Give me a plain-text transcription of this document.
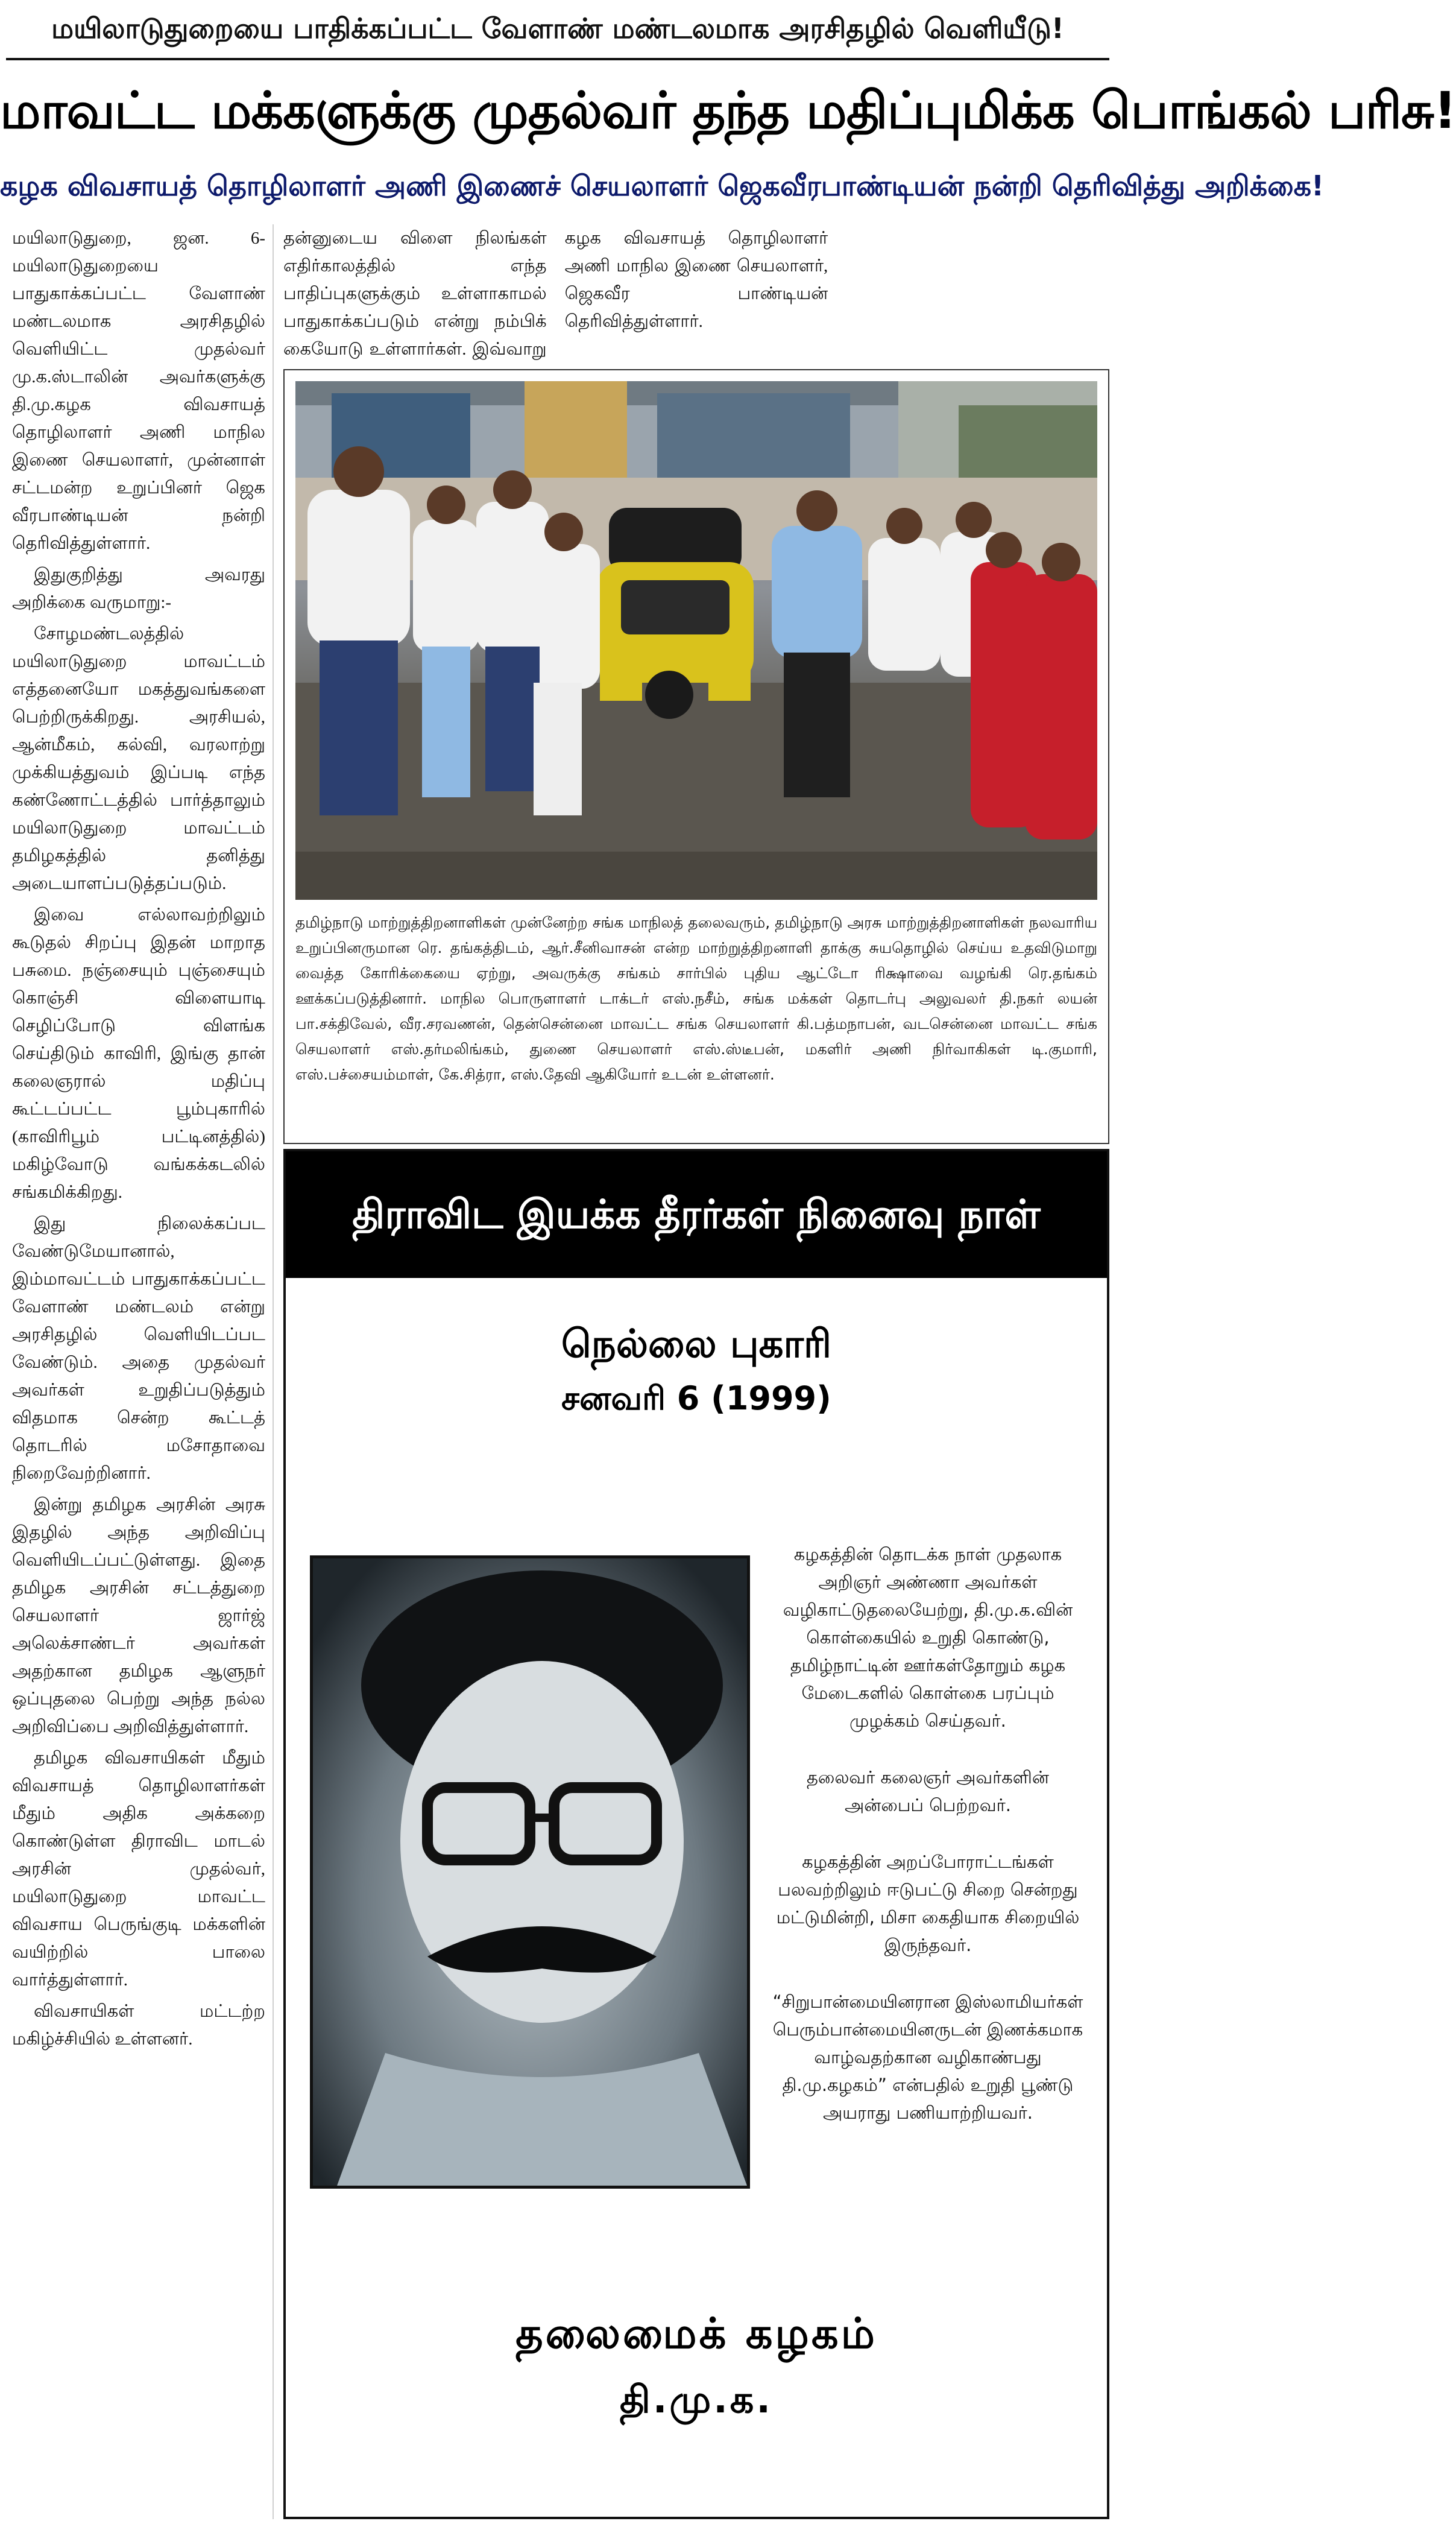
மயிலாடுதுறையை பாதிக்கப்பட்ட வேளாண் மண்டலமாக அரசிதழில் வெளியீடு!
மாவட்ட மக்களுக்கு முதல்வர் தந்த மதிப்புமிக்க பொங்கல் பரிசு!
கழக விவசாயத் தொழிலாளர் அணி இணைச் செயலாளர் ஜெகவீரபாண்டியன் நன்றி தெரிவித்து அறிக்கை!

மயிலாடுதுறை, ஜன. 6- மயிலாடுதுறையை பாதுகாக்கப்பட்ட வேளாண் மண்டலமாக அரசிதழில் வெளியிட்ட முதல்வர் மு.க.ஸ்டாலின் அவர்களுக்கு தி.மு.கழக விவசாயத் தொழிலாளர் அணி மாநில இணை செயலாளர், முன்னாள் சட்டமன்ற உறுப்பினர் ஜெக வீரபாண்டியன் நன்றி தெரிவித்துள்ளார்.

இதுகுறித்து அவரது அறிக்கை வருமாறு:-

சோழமண்டலத்தில் மயிலாடுதுறை மாவட்டம் எத்தனையோ மகத்துவங்களை பெற்றிருக்கிறது. அரசியல், ஆன்மீகம், கல்வி, வரலாற்று முக்கியத்துவம் இப்படி எந்த கண்ணோட்டத்தில் பார்த்தாலும் மயிலாடுதுறை மாவட்டம் தமிழகத்தில் தனித்து அடையாளப்படுத்தப்படும்.

இவை எல்லாவற்றிலும் கூடுதல் சிறப்பு இதன் மாறாத பசுமை. நஞ்சையும் புஞ்சையும் கொஞ்சி விளையாடி செழிப்போடு விளங்க செய்திடும் காவிரி, இங்கு தான் கலைஞரால் மதிப்பு கூட்டப்பட்ட பூம்புகாரில் (காவிரிபூம் பட்டினத்தில்) மகிழ்வோடு வங்கக்கடலில் சங்கமிக்கிறது.

இது நிலைக்கப்பட வேண்டுமேயானால், இம்மாவட்டம் பாதுகாக்கப்பட்ட வேளாண் மண்டலம் என்று அரசிதழில் வெளியிடப்பட வேண்டும். அதை முதல்வர் அவர்கள் உறுதிப்படுத்தும் விதமாக சென்ற கூட்டத் தொடரில் மசோதாவை நிறைவேற்றினார்.

இன்று தமிழக அரசின் அரசு இதழில் அந்த அறிவிப்பு வெளியிடப்பட்டுள்ளது. இதை தமிழக அரசின் சட்டத்துறை செயலாளர் ஜார்ஜ் அலெக்சாண்டர் அவர்கள் அதற்கான தமிழக ஆளுநர் ஒப்புதலை பெற்று அந்த நல்ல அறிவிப்பை அறிவித்துள்ளார்.

தமிழக விவசாயிகள் மீதும் விவசாயத் தொழிலாளர்கள் மீதும் அதிக அக்கறை கொண்டுள்ள திராவிட மாடல் அரசின் முதல்வர், மயிலாடுதுறை மாவட்ட விவசாய பெருங்குடி மக்களின் வயிற்றில் பாலை வார்த்துள்ளார்.

விவசாயிகள் மட்டற்ற மகிழ்ச்சியில் உள்ளனர்.

தன்னுடைய விளை நிலங்கள் எதிர்காலத்தில் எந்த பாதிப்புகளுக்கும் உள்ளாகாமல் பாதுகாக்கப்படும் என்று நம்பிக் கையோடு உள்ளார்கள். இவ்வாறு கழக விவசாயத் தொழிலாளர் அணி மாநில இணை செயலாளர், ஜெகவீர பாண்டியன் தெரிவித்துள்ளார்.

தமிழ்நாடு மாற்றுத்திறனாளிகள் முன்னேற்ற சங்க மாநிலத் தலைவரும், தமிழ்நாடு அரசு மாற்றுத்திறனாளிகள் நலவாரிய உறுப்பினருமான ரெ. தங்கத்திடம், ஆர்.சீனிவாசன் என்ற மாற்றுத்திறனாளி தாக்கு சுயதொழில் செய்ய உதவிடுமாறு வைத்த கோரிக்கையை ஏற்று, அவருக்கு சங்கம் சார்பில் புதிய ஆட்டோ ரிக்ஷாவை வழங்கி ரெ.தங்கம் ஊக்கப்படுத்தினார். மாநில பொருளாளர் டாக்டர் எஸ்.நசீம், சங்க மக்கள் தொடர்பு அலுவலர் தி.நகர் லயன் பா.சக்திவேல், வீர.சரவணன், தென்சென்னை மாவட்ட சங்க செயலாளர் கி.பத்மநாபன், வடசென்னை மாவட்ட சங்க செயலாளர் எஸ்.தர்மலிங்கம், துணை செயலாளர் எஸ்.ஸ்டீபன், மகளிர் அணி நிர்வாகிகள் டி.குமாரி, எஸ்.பச்சையம்மாள், கே.சித்ரா, எஸ்.தேவி ஆகியோர் உடன் உள்ளனர்.
திராவிட இயக்க தீரர்கள் நினைவு நாள்
நெல்லை புகாரி
சனவரி 6 (1999)

கழகத்தின் தொடக்க நாள் முதலாக அறிஞர் அண்ணா அவர்கள் வழிகாட்டுதலையேற்று, தி.மு.க.வின் கொள்கையில் உறுதி கொண்டு, தமிழ்நாட்டின் ஊர்கள்தோறும் கழக மேடைகளில் கொள்கை பரப்பும் முழக்கம் செய்தவர்.

தலைவர் கலைஞர் அவர்களின் அன்பைப் பெற்றவர்.

கழகத்தின் அறப்போராட்டங்கள் பலவற்றிலும் ஈடுபட்டு சிறை சென்றது மட்டுமின்றி, மிசா கைதியாக சிறையில் இருந்தவர்.

“சிறுபான்மையினரான இஸ்லாமியர்கள் பெரும்பான்மையினருடன் இணக்கமாக வாழ்வதற்கான வழிகாண்பது தி.மு.கழகம்” என்பதில் உறுதி பூண்டு அயராது பணியாற்றியவர்.

தலைமைக் கழகம்
தி.மு.க.
